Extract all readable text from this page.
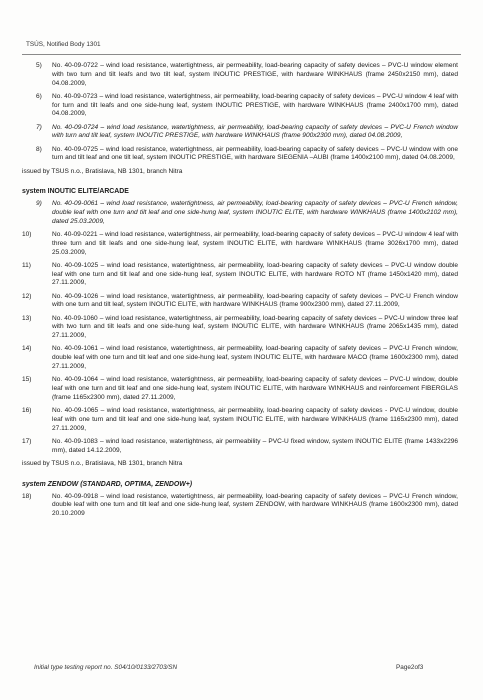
TSÚS, Notified Body 1301
5) No. 40-09-0722 – wind load resistance, watertightness, air permeability, load-bearing capacity of safety devices – PVC-U window element with two turn and tilt leafs and two tilt leaf, system INOUTIC PRESTIGE, with hardware WINKHAUS (frame 2450x2150 mm), dated 04.08.2009,
6) No. 40-09-0723 – wind load resistance, watertightness, air permeability, load-bearing capacity of safety devices – PVC-U window 4 leaf with for turn and tilt leafs and one side-hung leaf, system INOUTIC PRESTIGE, with hardware WINKHAUS (frame 2400x1700 mm), dated 04.08.2009,
7) No. 40-09-0724 – wind load resistance, watertightness, air permeability, load-bearing capacity of safety devices – PVC-U French window with turn and tilt leaf, system INOUTIC PRESTIGE, with hardware WINKHAUS (frame 900x2300 mm), dated 04.08.2009,
8) No. 40-09-0725 – wind load resistance, watertightness, air permeability, load-bearing capacity of safety devices – PVC-U window with one turn and tilt leaf and one tilt leaf, system INOUTIC PRESTIGE, with hardware SIEGENIA –AUBI (frame 1400x2100 mm), dated 04.08.2009,
issued by TSUS n.o., Bratislava, NB 1301, branch Nitra
system INOUTIC ELITE/ARCADE
9) No. 40-09-0061 – wind load resistance, watertightness, air permeability, load-bearing capacity of safety devices – PVC-U French window, double leaf with one turn and tilt leaf and one side-hung leaf, system INOUTIC ELITE, with hardware WINKHAUS (frame 1400x2102 mm), dated 25.03.2009,
10)	No. 40-09-0221 – wind load resistance, watertightness, air permeability, load-bearing capacity of safety devices – PVC-U window 4 leaf with three turn and tilt leafs and one side-hung leaf, system INOUTIC ELITE, with hardware WINKHAUS (frame 3026x1700 mm), dated 25.03.2009,
11)	No. 40-09-1025 – wind load resistance, watertightness, air permeability, load-bearing capacity of safety devices – PVC-U window double leaf with one turn and tilt leaf and one side-hung leaf, system INOUTIC ELITE, with hardware ROTO NT (frame 1450x1420 mm), dated 27.11.2009,
12)	No. 40-09-1026 – wind load resistance, watertightness, air permeability, load-bearing capacity of safety devices – PVC-U French window with one turn and tilt leaf, system INOUTIC ELITE, with hardware WINKHAUS (frame 900x2300 mm), dated 27.11.2009,
13)	No. 40-09-1060 – wind load resistance, watertightness, air permeability, load-bearing capacity of safety devices – PVC-U window three leaf with two turn and tilt leafs and one side-hung leaf, system INOUTIC ELITE, with hardware WINKHAUS (frame 2065x1435 mm), dated 27.11.2009,
14)	No. 40-09-1061 – wind load resistance, watertightness, air permeability, load-bearing capacity of safety devices – PVC-U French window, double leaf with one turn and tilt leaf and one side-hung leaf, system INOUTIC ELITE, with hardware MACO (frame 1600x2300 mm), dated 27.11.2009,
15)	No. 40-09-1064 – wind load resistance, watertightness, air permeability, load-bearing capacity of safety devices – PVC-U window, double leaf with one turn and tilt leaf and one side-hung leaf, system INOUTIC ELITE, with hardware WINKHAUS and reinforcement FIBERGLAS (frame 1165x2300 mm), dated 27.11.2009,
16)	No. 40-09-1065 – wind load resistance, watertightness, air permeability, load-bearing capacity of safety devices - PVC-U window, double leaf with one turn and tilt leaf and one side-hung leaf, system INOUTIC ELITE, with hardware WINKHAUS (frame 1165x2300 mm), dated 27.11.2009,
17)	No. 40-09-1083 – wind load resistance, watertightness, air permeability – PVC-U fixed window, system INOUTIC ELITE (frame 1433x2296 mm), dated 14.12.2009,
issued by TSUS n.o., Bratislava, NB 1301, branch Nitra
system ZENDOW (STANDARD, OPTIMA, ZENDOW+)
18)	No. 40-09-0918 – wind load resistance, watertightness, air permeability, load-bearing capacity of safety devices – PVC-U French window, double leaf with one turn and tilt leaf and one side-hung leaf, system ZENDOW, with hardware WINKHAUS (frame 1600x2300 mm), dated 20.10.2009
Initial type testing report no. S04/10/0133/2703/SN	Page2of3
